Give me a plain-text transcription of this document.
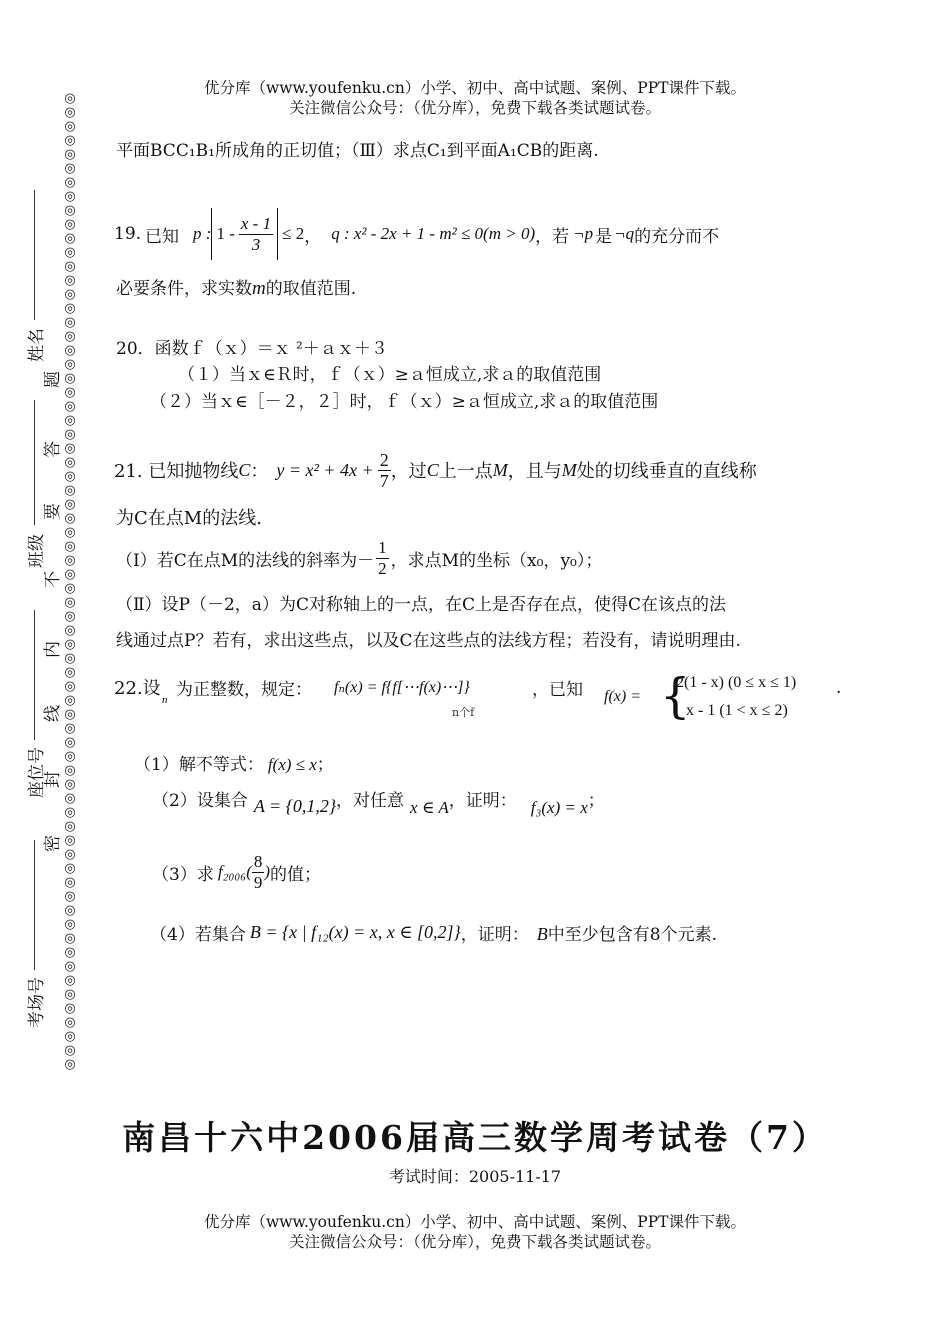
优分库（www.youfenku.cn）小学、初中、高中试题、案例、PPT课件下载。
关注微信公众号：（优分库），免费下载各类试题试卷。
◎◎◎◎◎◎◎◎◎◎◎◎◎◎◎◎◎◎◎◎◎◎◎◎◎◎◎◎◎◎◎◎◎◎◎◎◎◎◎◎◎◎◎◎◎◎◎◎◎◎◎◎◎◎◎◎◎◎◎◎◎◎◎◎◎◎◎◎◎◎
姓名
班级
座位号
考场号
题
答
要
不
内
线
封
密
平面BCC₁B₁所成角的正切值；（Ⅲ）求点C₁到平面A₁CB的距离.
19. 已知 p : $1 - \frac{x - 1}{3} \le 2$ ， q : x² - 2x + 1 - m² ≤ 0(m > 0) ，若 ¬p 是 ¬q 的充分而不
必要条件，求实数m的取值范围.
20．函数ｆ（ｘ）＝ｘ ²＋ａｘ＋３
（１）当ｘ∈Ｒ时，ｆ（ｘ）≥ａ恒成立,求ａ的取值范围
（２）当ｘ∈［－２，２］时，ｆ（ｘ）≥ａ恒成立,求ａ的取值范围
21. 已知抛物线 C ： $y = x^2 + 4x + \frac{2}{7}$ ，过 C 上一点 M ，且与 M 处的切线垂直的直线称
为C在点M的法线.
（Ⅰ）若C在点M的法线的斜率为－ $\frac{1}{2}$ ，求点M的坐标（x₀，y₀）；
（Ⅱ）设P（－2，a）为C对称轴上的一点，在C上是否存在点，使得C在该点的法
线通过点P？若有，求出这些点，以及C在这些点的法线方程；若没有，请说明理由.
22.设
n 为正整数，规定： fₙ(x) = f{f[⋯f(x)⋯]}
n个f
，已知 f(x) = {
2(1 - x) (0 ≤ x ≤ 1)
x - 1 (1 < x ≤ 2)
.
（1）解不等式： f(x) ≤ x；
（2）设集合 A = {0,1,2} ，对任意 x ∈ A ，证明： f₃(x) = x ；
（3）求 $f_{2006}( \frac{8}{9}$ ) 的值；
（4）若集合 B = {x | f₁₂(x) = x, x ∈ [0,2]} ，证明： B 中至少包含有8个元素.
南昌十六中2006届高三数学周考试卷（7）
考试时间：2005-11-17
优分库（www.youfenku.cn）小学、初中、高中试题、案例、PPT课件下载。
关注微信公众号：（优分库），免费下载各类试题试卷。
